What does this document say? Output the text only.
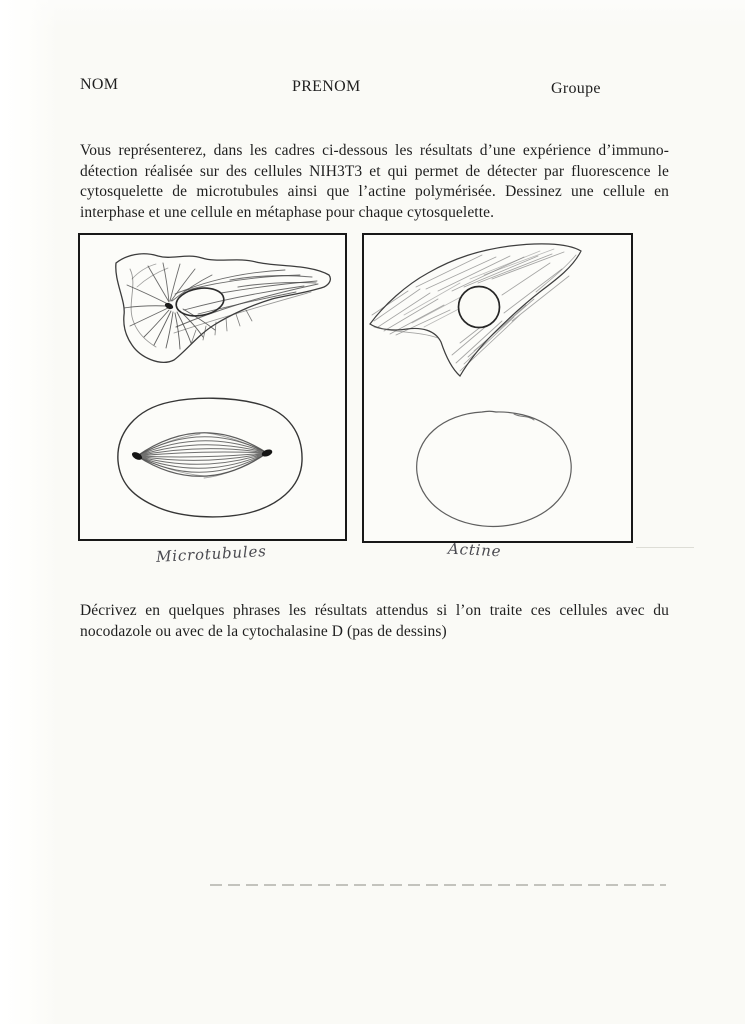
NOM	PRENOM	Groupe
Vous représenterez, dans les cadres ci-dessous les résultats d’une expérience d’immuno-
détection réalisée sur des cellules NIH3T3 et qui permet de détecter par fluorescence le
cytosquelette de microtubules ainsi que l’actine polymérisée. Dessinez une cellule en
interphase et une cellule en métaphase pour chaque cytosquelette.
Microtubules	Actine
Décrivez en quelques phrases les résultats attendus si l’on traite ces cellules avec du
nocodazole ou avec de la cytochalasine D (pas de dessins)
